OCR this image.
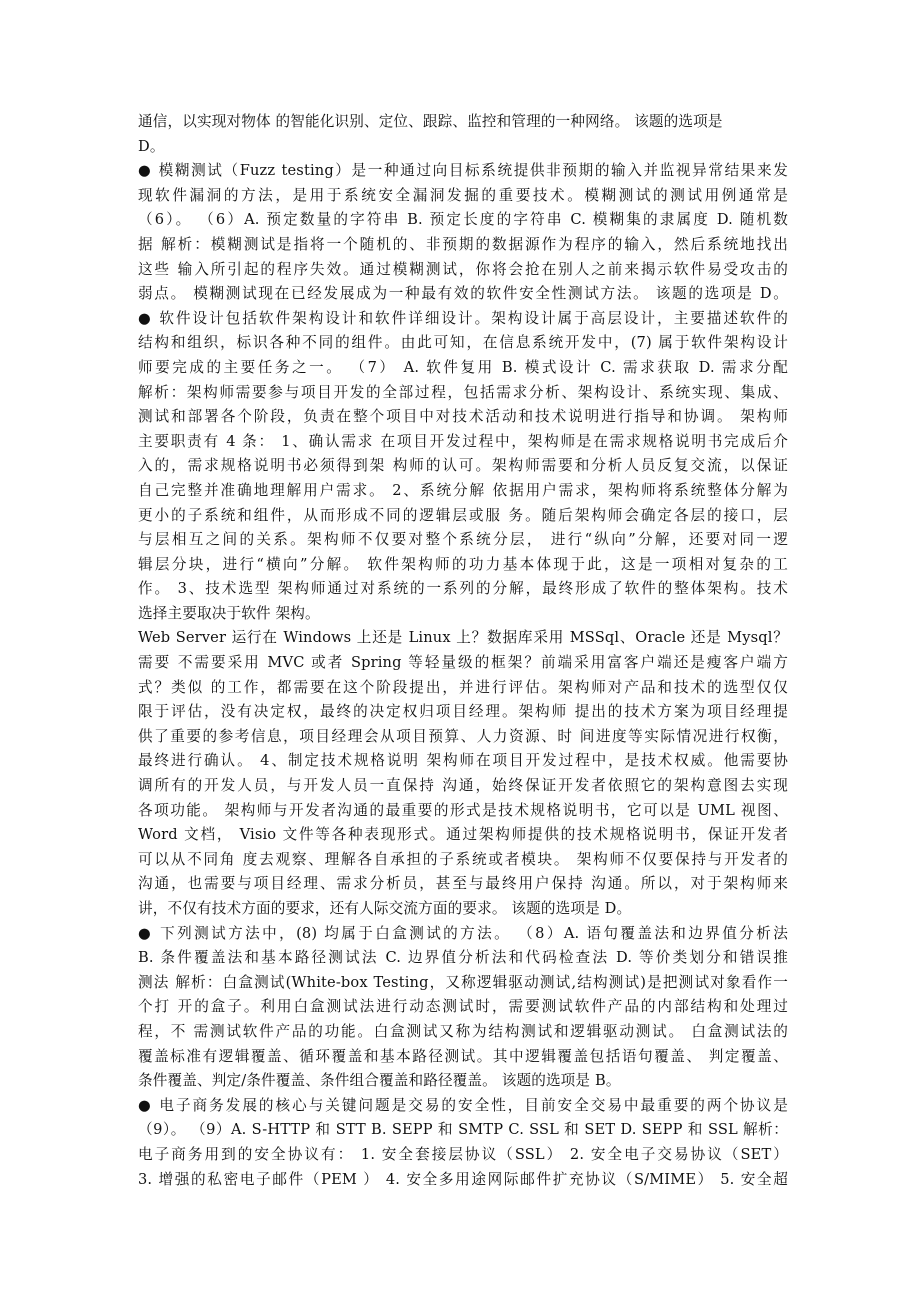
通信，以实现对物体 的智能化识别、定位、跟踪、监控和管理的一种网络。 该题的选项是
D。
● 模糊测试（Fuzz testing）是一种通过向目标系统提供非预期的输入并监视异常结果来发
现软件漏洞的方法，是用于系统安全漏洞发掘的重要技术。模糊测试的测试用例通常是
（6）。 （6）A. 预定数量的字符串 B. 预定长度的字符串 C. 模糊集的隶属度 D. 随机数
据 解析：模糊测试是指将一个随机的、非预期的数据源作为程序的输入，然后系统地找出
这些 输入所引起的程序失效。通过模糊测试，你将会抢在别人之前来揭示软件易受攻击的
弱点。 模糊测试现在已经发展成为一种最有效的软件安全性测试方法。 该题的选项是 D。
● 软件设计包括软件架构设计和软件详细设计。架构设计属于高层设计，主要描述软件的
结构和组织，标识各种不同的组件。由此可知，在信息系统开发中，(7) 属于软件架构设计
师要完成的主要任务之一。 （7） A. 软件复用 B. 模式设计 C. 需求获取 D. 需求分配
解析：架构师需要参与项目开发的全部过程，包括需求分析、架构设计、系统实现、集成、
测试和部署各个阶段，负责在整个项目中对技术活动和技术说明进行指导和协调。 架构师
主要职责有 4 条： 1、确认需求 在项目开发过程中，架构师是在需求规格说明书完成后介
入的，需求规格说明书必须得到架 构师的认可。架构师需要和分析人员反复交流，以保证
自己完整并准确地理解用户需求。 2、系统分解 依据用户需求，架构师将系统整体分解为
更小的子系统和组件，从而形成不同的逻辑层或服 务。随后架构师会确定各层的接口，层
与层相互之间的关系。架构师不仅要对整个系统分层， 进行“纵向”分解，还要对同一逻
辑层分块，进行“横向”分解。 软件架构师的功力基本体现于此，这是一项相对复杂的工
作。 3、技术选型 架构师通过对系统的一系列的分解，最终形成了软件的整体架构。技术
选择主要取决于软件 架构。
Web Server 运行在 Windows 上还是 Linux 上？数据库采用 MSSql、Oracle 还是 Mysql？
需要 不需要采用 MVC 或者 Spring 等轻量级的框架？前端采用富客户端还是瘦客户端方
式？类似 的工作，都需要在这个阶段提出，并进行评估。架构师对产品和技术的选型仅仅
限于评估，没有决定权，最终的决定权归项目经理。架构师 提出的技术方案为项目经理提
供了重要的参考信息，项目经理会从项目预算、人力资源、时 间进度等实际情况进行权衡，
最终进行确认。 4、制定技术规格说明 架构师在项目开发过程中，是技术权威。他需要协
调所有的开发人员，与开发人员一直保持 沟通，始终保证开发者依照它的架构意图去实现
各项功能。 架构师与开发者沟通的最重要的形式是技术规格说明书，它可以是 UML 视图、
Word 文档， Visio 文件等各种表现形式。通过架构师提供的技术规格说明书，保证开发者
可以从不同角 度去观察、理解各自承担的子系统或者模块。 架构师不仅要保持与开发者的
沟通，也需要与项目经理、需求分析员，甚至与最终用户保持 沟通。所以，对于架构师来
讲，不仅有技术方面的要求，还有人际交流方面的要求。 该题的选项是 D。
● 下列测试方法中，(8) 均属于白盒测试的方法。 （8）A. 语句覆盖法和边界值分析法
B. 条件覆盖法和基本路径测试法 C. 边界值分析法和代码检查法 D. 等价类划分和错误推
测法 解析：白盒测试(White-box Testing，又称逻辑驱动测试,结构测试)是把测试对象看作一
个打 开的盒子。利用白盒测试法进行动态测试时，需要测试软件产品的内部结构和处理过
程，不 需测试软件产品的功能。白盒测试又称为结构测试和逻辑驱动测试。 白盒测试法的
覆盖标准有逻辑覆盖、循环覆盖和基本路径测试。其中逻辑覆盖包括语句覆盖、 判定覆盖、
条件覆盖、判定/条件覆盖、条件组合覆盖和路径覆盖。 该题的选项是 B。
● 电子商务发展的核心与关键问题是交易的安全性，目前安全交易中最重要的两个协议是
（9）。 （9）A. S-HTTP 和 STT B. SEPP 和 SMTP C. SSL 和 SET D. SEPP 和 SSL 解析：
电子商务用到的安全协议有： 1. 安全套接层协议（SSL） 2. 安全电子交易协议（SET）
3. 增强的私密电子邮件（PEM ） 4. 安全多用途网际邮件扩充协议（S/MIME） 5. 安全超
